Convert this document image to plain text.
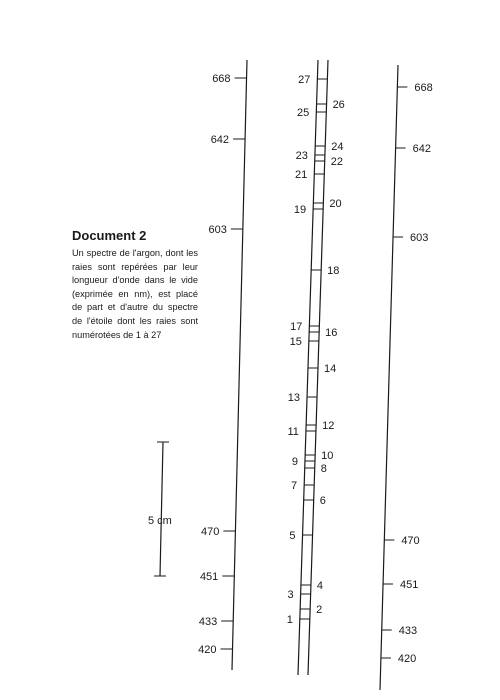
Document 2

Un spectre de l'argon, dont les raies sont repérées par leur longueur d'onde dans le vide (exprimée en nm), est placé de part et d'autre du spectre de l'étoile dont les raies sont numérotées de 1 à 27

5 cm
668
642
603
470
451
433
420
668
642
603
470
451
433
420
27
26
25
24
23 22
21
20
19
18
17 16
15
14
13
12
11
10
9
8
7
6
5
4
3
2
1
